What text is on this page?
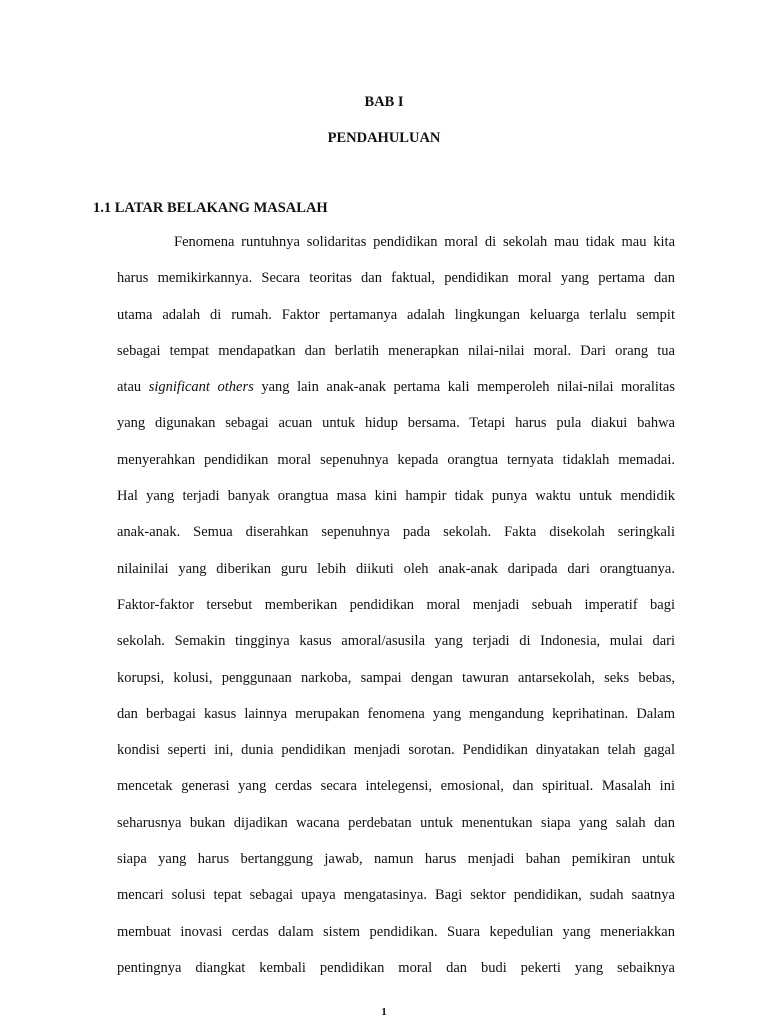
BAB I
PENDAHULUAN
1.1 LATAR BELAKANG MASALAH
Fenomena runtuhnya solidaritas pendidikan moral di sekolah mau tidak mau kita
harus memikirkannya. Secara teoritas dan faktual, pendidikan moral yang pertama dan
utama adalah di rumah. Faktor pertamanya adalah lingkungan keluarga terlalu sempit
sebagai tempat mendapatkan dan berlatih menerapkan nilai-nilai moral. Dari orang tua
atau significant others yang lain anak-anak pertama kali memperoleh nilai-nilai moralitas
yang digunakan sebagai acuan untuk hidup bersama. Tetapi harus pula diakui bahwa
menyerahkan pendidikan moral sepenuhnya kepada orangtua ternyata tidaklah memadai.
Hal yang terjadi banyak orangtua masa kini hampir tidak punya waktu untuk mendidik
anak-anak. Semua diserahkan sepenuhnya pada sekolah. Fakta disekolah seringkali
nilainilai yang diberikan guru lebih diikuti oleh anak-anak daripada dari orangtuanya.
Faktor-faktor tersebut memberikan pendidikan moral menjadi sebuah imperatif bagi
sekolah. Semakin tingginya kasus amoral/asusila yang terjadi di Indonesia, mulai dari
korupsi, kolusi, penggunaan narkoba, sampai dengan tawuran antarsekolah, seks bebas,
dan berbagai kasus lainnya merupakan fenomena yang mengandung keprihatinan. Dalam
kondisi seperti ini, dunia pendidikan menjadi sorotan. Pendidikan dinyatakan telah gagal
mencetak generasi yang cerdas secara intelegensi, emosional, dan spiritual. Masalah ini
seharusnya bukan dijadikan wacana perdebatan untuk menentukan siapa yang salah dan
siapa yang harus bertanggung jawab, namun harus menjadi bahan pemikiran untuk
mencari solusi tepat sebagai upaya mengatasinya. Bagi sektor pendidikan, sudah saatnya
membuat inovasi cerdas dalam sistem pendidikan. Suara kepedulian yang meneriakkan
pentingnya diangkat kembali pendidikan moral dan budi pekerti yang sebaiknya
1
